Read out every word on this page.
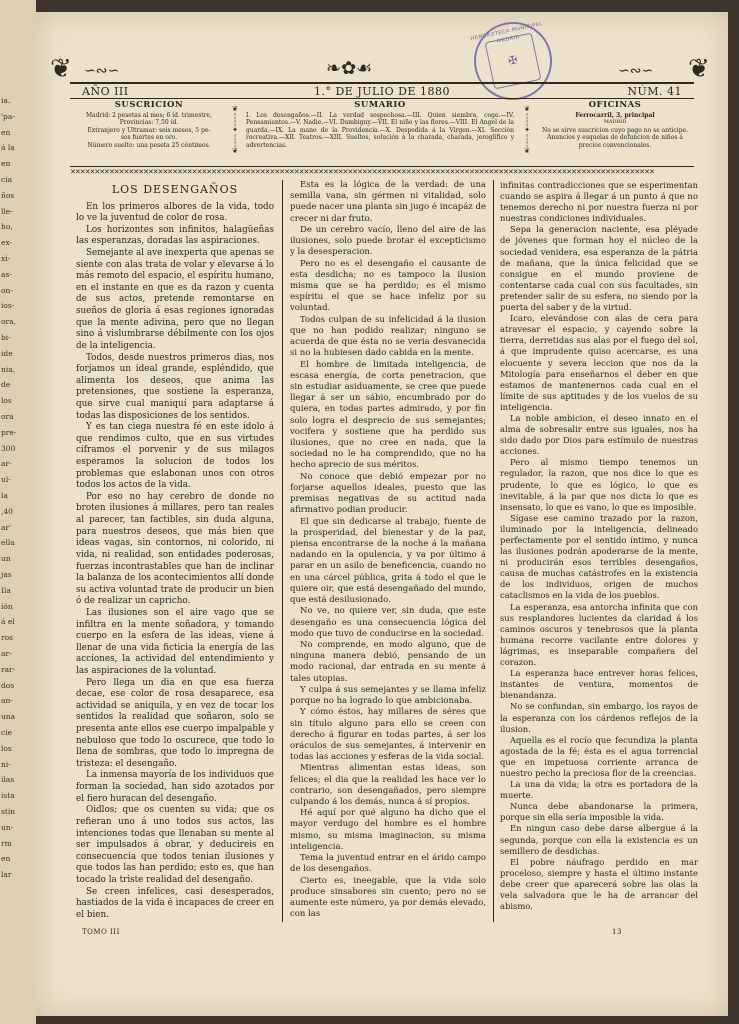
ia.
'pa-
en
á la
en
cia
ños
lle-
ho,
ex-
xi-
as-
on-
ios-
ora,
bi-
ide
nia,
de
los
ora
pre-
300
ar-
ul-
la
,40
ar'
ella
un
jas
Ila
ión
á el
ros
ar-
rar-
dos
an-
una
cie
los
ni-
ilas
ista
stin
un-
rm
en
lar
✠
HEMEROTECA MUNICIPAL · MADRID ·
❦ ∽∾∽	❧✿☙	∽∾∽ ❦
AÑO III	1.° DE JULIO DE 1880	NÚM. 41
SUSCRICION
Madrid: 2 pesetas al mes; 6 íd. trimestre,
Provincias: 7,50 íd.
Extranjero y Ultramar: seis meses, 5 pe-
sos fuertes en oro.
Número suelto: una peseta 25 céntimos.
❦
¦
¦
✦
¦
¦
❦
SUMARIO
I. Los desengaños.—II. La verdad sospechosa.—III. Quien siembra, coge.—IV. Pensamientos.—V. Nadie.—VI. Dambigny.—VII. El niño y las flores.—VIII. El Angel de la guarda.—IX. La mano de la Providencia.—X. Despedida á la Virgen.—XI. Sección recreativa.—XII. Teatros.—XIII. Sueltos, solución á la charada, charada, jeroglífico y advertencias.
❦
¦
¦
✦
¦
¦
❦
OFICINAS
Ferrocarril, 3, principal
MADRID
No se sirve suscricion cuyo pago no se anticipe.
Anuncios y esquelas de defuncion de niños á precios convencionales.
✕✕✕✕✕✕✕✕✕✕✕✕✕✕✕✕✕✕✕✕✕✕✕✕✕✕✕✕✕✕✕✕✕✕✕✕✕✕✕✕✕✕✕✕✕✕✕✕✕✕✕✕✕✕✕✕✕✕✕✕✕✕✕✕✕✕✕✕✕✕✕✕✕✕✕✕✕✕✕✕✕✕✕✕✕✕✕✕✕✕✕✕✕✕✕✕✕✕✕✕✕✕✕✕✕✕✕✕✕✕✕✕✕✕✕✕✕✕✕✕

LOS DESENGAÑOS

En los primeros albores de la vida, todo lo ve la juventud de color de rosa.

Los horizontes son infinitos, halagüeñas las esperanzas, doradas las aspiraciones.

Semejante al ave inexperta que apenas se siente con alas trata de volar y elevarse á lo más remoto del espacio, el espíritu humano, en el instante en que es da razon y cuenta de sus actos, pretende remontarse en sueños de gloria á esas regiones ignoradas que la mente adivina, pero que no llegan sino á vislumbrarse débilmente con los ojos de la inteligencia.

Todos, desde nuestros primeros dias, nos forjamos un ideal grande, espléndido, que alimenta los deseos, que anima las pretensiones, que sostiene la esperanza, que sirve cual maniquí para adaptarse á todas las disposiciones de los sentidos.

Y es tan ciega nuestra fé en este ídolo á que rendimos culto, que en sus virtudes ciframos el porvenir y de sus milagos esperamos la solucion de todos los problemas que eslabonan unos con otros todos los actos de la vida.

Por eso no hay cerebro de donde no broten ilusiones á millares, pero tan reales al parecer, tan factibles, sin duda alguna, para nuestros deseos, que más bien que ideas vagas, sin contornos, ni colorido, ni vida, ni realidad, son entidades poderosas, fuerzas incontrastables que han de inclinar la balanza de los acontecimientos allí donde su activa voluntad trate de producir un bien ó de realizar un capricho.

Las ilusiones son el aire vago que se infiltra en la mente soñadora, y tomando cuerpo en la esfera de las ideas, viene á llenar de una vida ficticia la energía de las acciones, la actividad del entendimiento y las aspiraciones de la voluntad.

Pero llega un dia en que esa fuerza decae, ese color de rosa desaparece, esa actividad se aniquila, y en vez de tocar los sentidos la realidad que soñaron, solo se presenta ante ellos ese cuerpo impalpable y nebuloso que todo lo oscurece, que todo lo llena de sombras, que todo lo impregna de tristeza: el desengaño.

La inmensa mayoría de los individuos que forman la sociedad, han sido azotados por el fiero huracan del desengaño.

Oidlos; que os cuenten su vida; que os refieran uno á uno todos sus actos, las intenciones todas que llenaban su mente al ser impulsados á obrar, y deducireis en consecuencia que todos tenian ilusiones y que todos las han perdido; esto es, que han tocado la triste realidad del desengaño.

Se creen infelices, casi desesperados, hastiados de la vida é incapaces de creer en el bien.

Esta es la lógica de la verdad: de una semilla vana, sin gérmen ni vitalidad, solo puede nacer una planta sin jugo é incapáz de crecer ni dar fruto.

De un cerebro vacío, lleno del aire de las ilusiones, solo puede brotar el excepticismo y la desesperacion.

Pero no es el desengaño el causante de esta desdicha; no es tampoco la ilusion misma que se ha perdido; es el mismo espíritu el que se hace infeliz por su voluntad.

Todos culpan de su infelicidad á la ilusion que no han podido realizar; ninguno se acuerda de que ésta no se veria desvanecida si no la hubiesen dado cabida en la mente.

El hombre de limitada inteligencia, de escasa energía, de corta penetracion, que sin estudiar asiduamente, se cree que puede llegar á ser un sábio, encumbrado por do quiera, en todas partes admirado, y por fin solo logra el desprecio de sus semejantes; vocifera y sostiene que ha perdido sus ilusiones, que no cree en nada, que la sociedad no le ha comprendido, que no ha hecho aprecio de sus méritos.

No conoce que debió empezar por no forjarse aquellos ideales, puesto que las premisas negativas de su actitud nada afirmativo podian producir.

El que sin dedicarse al trabajo, fuente de la prosperidad, del bienestar y de la paz, piensa encontrarse de la noche á la mañana nadando en la opulencia, y va por último á parar en un asilo de beneficencia, cuando no en una cárcel pública, grita á todo el que le quiere oir, que está desengañado del mundo, que está desilusionado.

No ve, no quiere ver, sin duda, que este desengaño es una consecuencia lógica del modo que tuvo de conducirse en la sociedad.

No comprende, en modo alguno, que de ninguna manera debió, pensando de un modo racional, dar entrada en su mente á tales utopias.

Y culpa á sus semejantes y se llama infeliz porque no ha logrado lo que ambicionaba.

Y cómo éstos, hay millares de séres que sin título alguno para ello se creen con derecho á figurar en todas partes, á ser los oráculos de sus semejantes, á intervenir en todas las acciones y esferas de la vida social.

Mientras alimentan estas ideas, son felices; el dia que la realidad les hace ver lo contrario, son desengañados, pero siempre culpando á los demás, nunca á sí propios.

Hé aquí por qué alguno ha dicho que el mayor verdugo del hombre es el hombre mismo, su misma imaginacion, su misma inteligencia.

Tema la juventud entrar en el árido campo de los desengaños.

Cierto es, ineegable, que la vida solo produce sinsabores sin cuento; pero no se aumente este número, ya por demás elevado, con las

infinitas contradicciones que se esperimentan cuando se aspira á llegar á un punto á que no tenemos derecho ni por nuestra fuerza ni por nuestras condiciones individuales.

Sepa la generacion naciente, esa pléyade de jóvenes que forman hoy el núcleo de la sociedad venidera, esa esperanza de la pátria de mañana, que la única felicidad que se consigue en el mundo proviene de contentarse cada cual con sus facultades, sin pretender salir de su esfera, no siendo por la puerta del saber y de la virtud.

Icaro, elevándose con alas de cera para atravesar el espacio, y cayendo sobre la tierra, derretidas sus alas por el fuego del sol, á que imprudente quiso acercarse, es una elocuente y severa leccion que nos da la Mitología para enseñarnos el deber en que estamos de mantenernos cada cual en el límite de sus aptitudes y de los vuelos de su inteligencia.

La noble ambicion, el deseo innato en el alma de sobresalir entre sus iguales, nos ha sido dado por Dios para estímulo de nuestras acciones.

Pero al mismo tiempo tenemos un regulador, la razon, que nos dice lo que es prudente, lo que es lógico, lo que es inevitable, á la par que nos dicta lo que es insensato, lo que es vano, lo que es imposible.

Sígase ese camino trazado por la razon, iluminado por la inteligencia, delineado perfectamente por el sentido íntimo, y nunca las ilusiones podrán apoderarse de la mente, ni producirán esos terribles desengaños, causa de muchas catástrofes en la existencia de los individuos, origen de muchos cataclismos en la vida de los pueblos.

La esperanza, esa antorcha infinita que con sus resplandores lucientes da claridad á los caminos oscuros y tenebrosos que la planta humana recorre vacilante entre dolores y lágrimas, es inseparable compañera del corazon.

La esperanza hace entrever horas felices, instantes de ventura, momentos de bienandanza.

No se confundan, sin embargo, los rayos de la esperanza con los cárdenos reflejos de la ilusion.

Aquella es el rocío que fecundiza la planta agostada de la fé; ésta es el agua torrencial que en impetuosa corriente arranca de nuestro pecho la preciosa flor de la creencias.

La una da vida; la otra es portadora de la muerte.

Nunca debe abandonarse la primera, porque sin ella sería imposible la vida.

En ningun caso debe darse albergue á la segunda, porque con ella la existencia es un semillero de desdichas.

El pobre náufrago perdido en mar proceloso, siempre y hasta el último instante debe creer que aparecerá sobre las olas la vela salvadora que le ha de arrancar del abismo.

TOMO III	13
